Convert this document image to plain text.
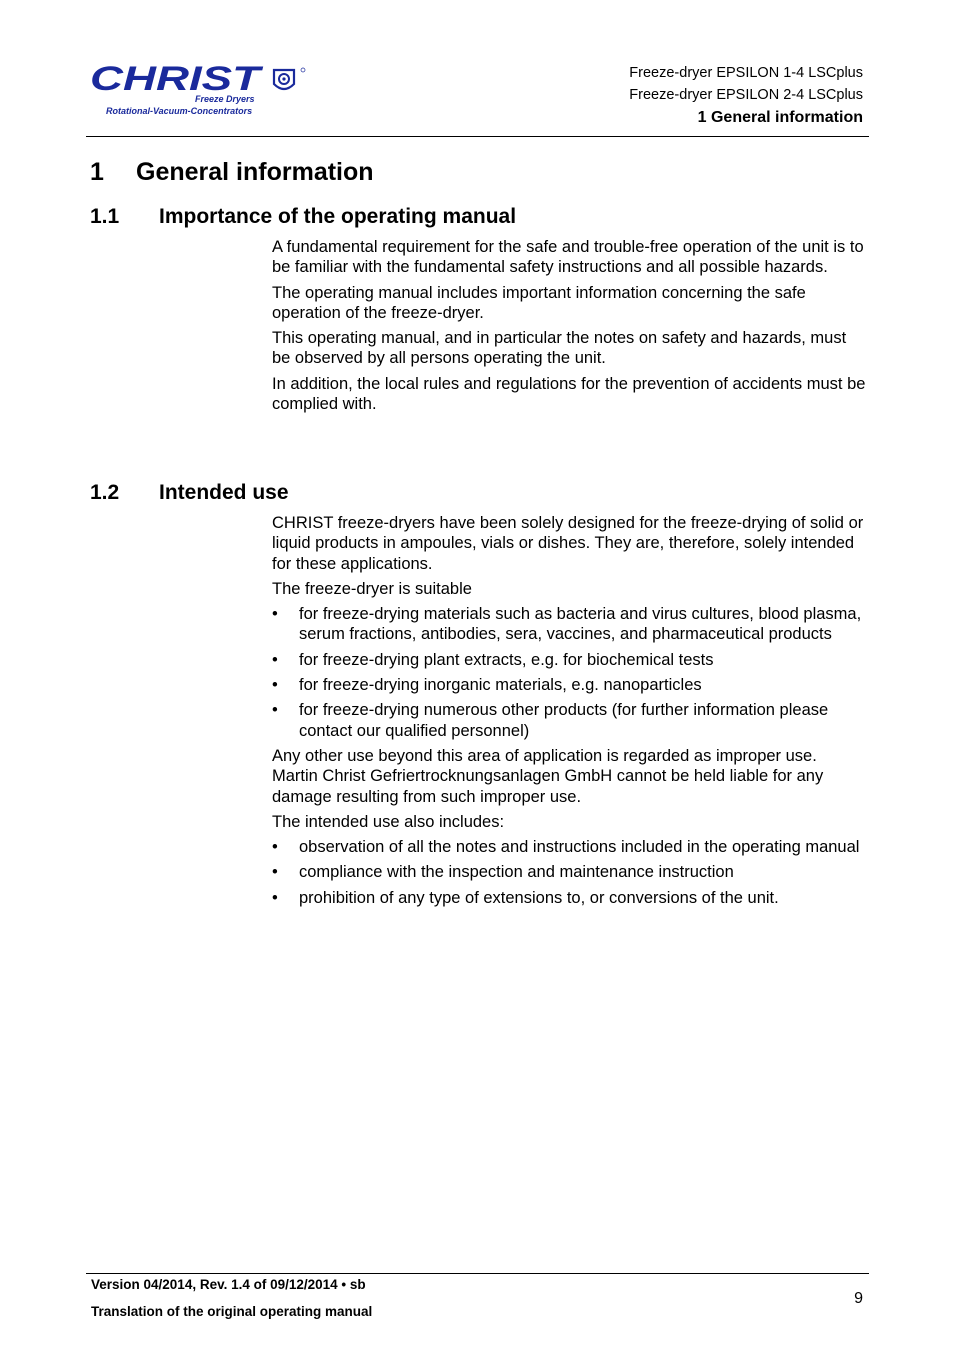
CHRIST
Freeze Dryers
Rotational-Vacuum-Concentrators
Freeze-dryer EPSILON 1-4 LSCplus
Freeze-dryer EPSILON 2-4 LSCplus
1 General information
1 General information
1.1 Importance of the operating manual

A fundamental requirement for the safe and trouble-free operation of the unit is to be familiar with the fundamental safety instructions and all possible hazards.

The operating manual includes important information concerning the safe operation of the freeze-dryer.

This operating manual, and in particular the notes on safety and hazards, must be observed by all persons operating the unit.

In addition, the local rules and regulations for the prevention of accidents must be complied with.

1.2 Intended use

CHRIST freeze-dryers have been solely designed for the freeze-drying of solid or liquid products in ampoules, vials or dishes. They are, therefore, solely intended for these applications.

The freeze-dryer is suitable

• for freeze-drying materials such as bacteria and virus cultures, blood plasma, serum fractions, antibodies, sera, vaccines, and pharmaceutical products
• for freeze-drying plant extracts, e.g. for biochemical tests
• for freeze-drying inorganic materials, e.g. nanoparticles
• for freeze-drying numerous other products (for further information please contact our qualified personnel)

Any other use beyond this area of application is regarded as improper use. Martin Christ Gefriertrocknungsanlagen GmbH cannot be held liable for any damage resulting from such improper use.

The intended use also includes:

• observation of all the notes and instructions included in the operating manual
• compliance with the inspection and maintenance instruction
• prohibition of any type of extensions to, or conversions of the unit.
Version 04/2014, Rev. 1.4 of 09/12/2014 • sb
Translation of the original operating manual
9
